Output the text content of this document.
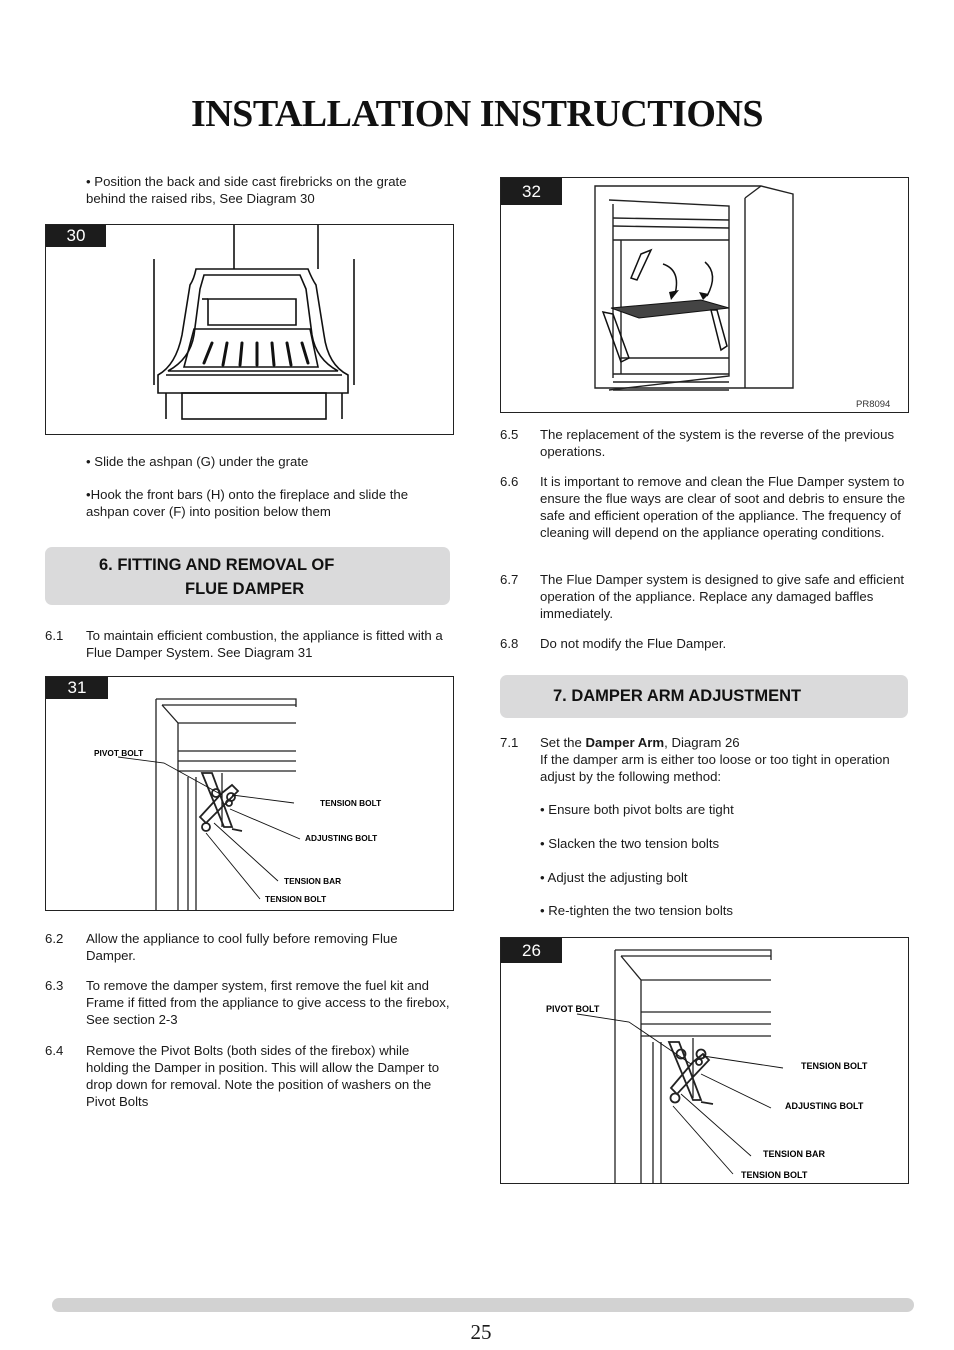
INSTALLATION INSTRUCTIONS
• Position the back and side cast firebricks on the grate behind the raised ribs, See Diagram 30
30
• Slide the ashpan (G) under the grate
•Hook the front bars (H) onto the fireplace and slide the ashpan cover (F) into position below them
6. FITTING AND REMOVAL OF
FLUE DAMPER
6.1 To maintain efficient combustion, the appliance is fitted with a Flue Damper System. See Diagram 31
31
PIVOT BOLT
TENSION BOLT
ADJUSTING BOLT
TENSION BAR
TENSION BOLT
6.2 Allow the appliance to cool fully before removing Flue Damper.
6.3 To remove the damper system, first remove the fuel kit and Frame if fitted from the appliance to give access to the firebox, See section 2-3
6.4 Remove the Pivot Bolts (both sides of the firebox) while holding the Damper in position. This will allow the Damper to drop down for removal. Note the position of washers on the Pivot Bolts
32
PR8094
6.5 The replacement of the system is the reverse of the previous operations.
6.6 It is important to remove and clean the Flue Damper system to ensure the flue ways are clear of soot and debris to ensure the safe and efficient operation of the appliance. The frequency of cleaning will depend on the appliance operating conditions.
6.7 The Flue Damper system is designed to give safe and efficient operation of the appliance. Replace any damaged baffles immediately.
6.8 Do not modify the Flue Damper.
7. DAMPER ARM ADJUSTMENT
7.1 Set the Damper Arm, Diagram 26
If the damper arm is either too loose or too tight in operation adjust by the following method:
• Ensure both pivot bolts are tight
• Slacken the two tension bolts
• Adjust the adjusting bolt
• Re-tighten the two tension bolts
26
PIVOT BOLT
TENSION BOLT
ADJUSTING BOLT
TENSION BAR
TENSION BOLT
25
